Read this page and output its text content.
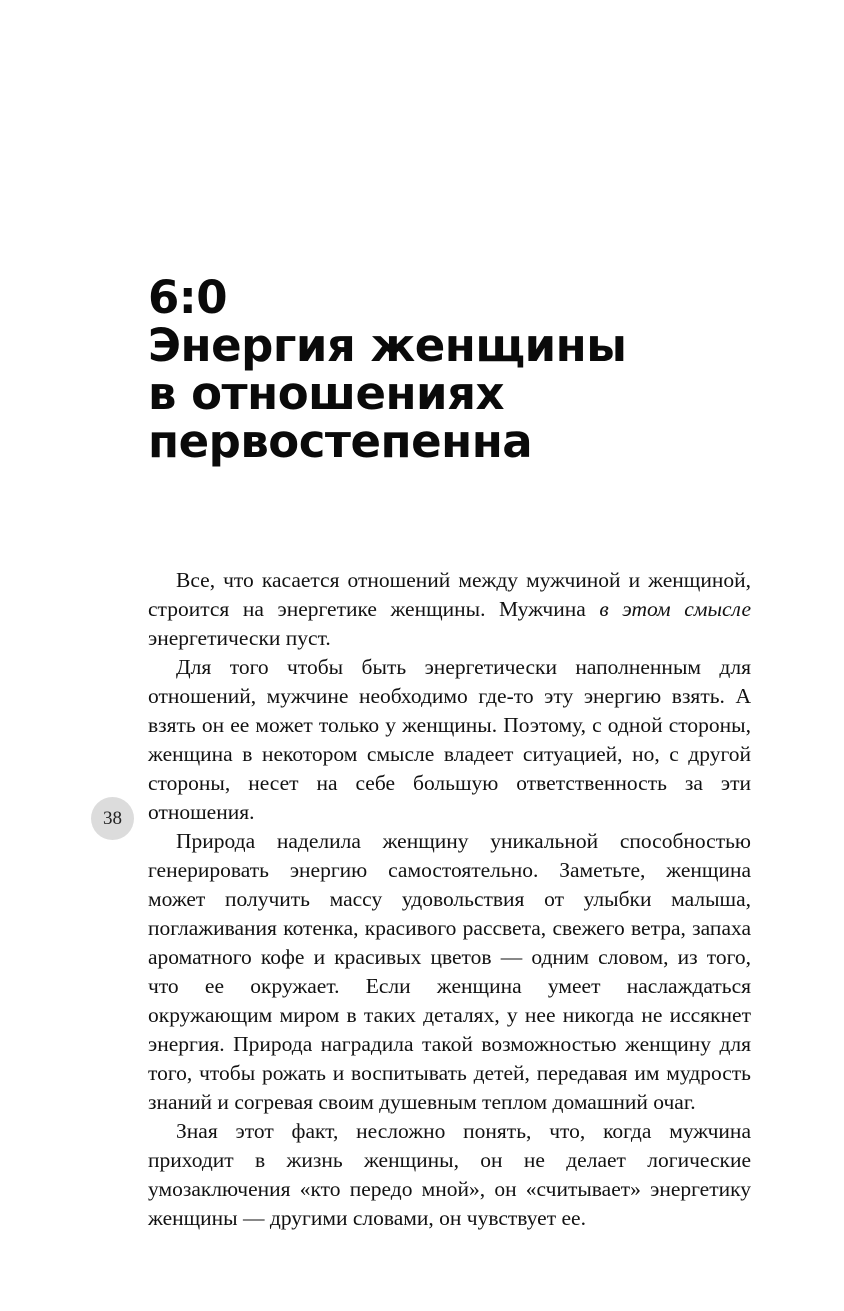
6:0
Энергия женщины
в отношениях
первостепенна

Все, что касается отношений между мужчиной и женщиной, строится на энергетике женщины. Мужчина в этом смысле энергетически пуст.

Для того чтобы быть энергетически наполненным для отношений, мужчине необходимо где-то эту энергию взять. А взять он ее может только у женщины. Поэтому, с одной стороны, женщина в некотором смысле владеет ситуацией, но, с другой стороны, несет на себе большую ответственность за эти отношения.

Природа наделила женщину уникальной способностью генерировать энергию самостоятельно. Заметьте, женщина может получить массу удовольствия от улыбки малыша, поглаживания котенка, красивого рассвета, свежего ветра, запаха ароматного кофе и красивых цветов — одним словом, из того, что ее окружает. Если женщина умеет наслаждаться окружающим миром в таких деталях, у нее никогда не иссякнет энергия. Природа наградила такой возможностью женщину для того, чтобы рожать и воспитывать детей, передавая им мудрость знаний и согревая своим душевным теплом домашний очаг.

Зная этот факт, несложно понять, что, когда мужчина приходит в жизнь женщины, он не делает логические умозаключения «кто передо мной», он «считывает» энергетику женщины — другими словами, он чувствует ее.

38
